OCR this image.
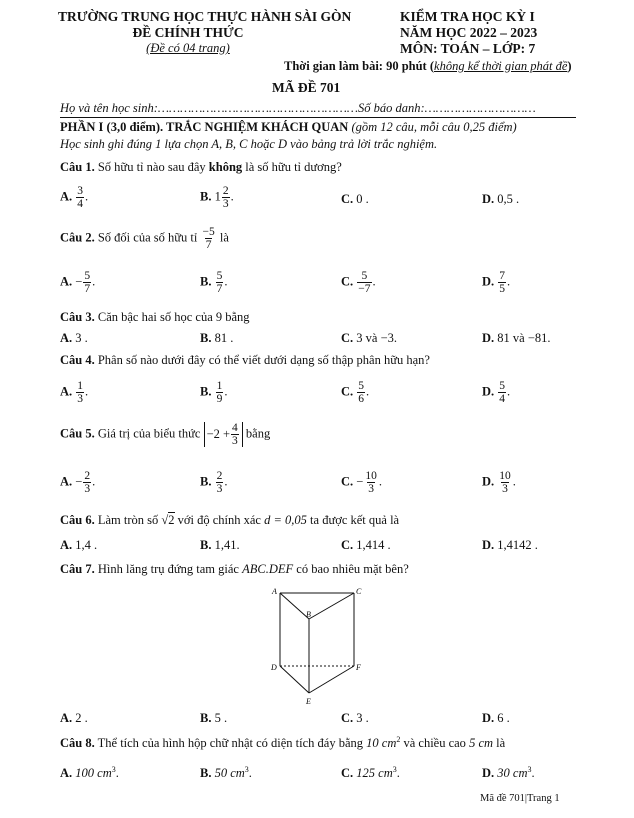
TRƯỜNG TRUNG HỌC THỰC HÀNH SÀI GÒN
ĐỀ CHÍNH THỨC
(Đề có 04 trang)
KIỂM TRA HỌC KỲ I
NĂM HỌC 2022 – 2023
MÔN: TOÁN – LỚP: 7
Thời gian làm bài: 90 phút (không kể thời gian phát đề)
MÃ ĐỀ 701
Họ và tên học sinh:………………………………………………Số báo danh:…………………………
PHẦN I (3,0 điểm). TRẮC NGHIỆM KHÁCH QUAN (gồm 12 câu, mỗi câu 0,25 điểm)
Học sinh ghi đúng 1 lựa chọn A, B, C hoặc D vào bảng trả lời trắc nghiệm.
Câu 1. Số hữu tỉ nào sau đây không là số hữu tỉ dương?
A. $\frac{3}{4}$ .	B. $1 \frac{2}{3}$ .	C. 0 .	D. 0,5 .
Câu 2. Số đối của số hữu tỉ $\frac{-5}{7}$ là
A. − $\frac{5}{7}$ .	B. $\frac{5}{7}$ .	C. $\frac{5}{-7}$ .	D. $\frac{7}{5}$ .
Câu 3. Căn bậc hai số học của 9 bằng
A. 3 .	B. 81 .	C. 3 và −3.	D. 81 và −81.
Câu 4. Phân số nào dưới đây có thể viết dưới dạng số thập phân hữu hạn?
A. $\frac{1}{3}$ .	B. $\frac{1}{9}$ .	C. $\frac{5}{6}$ .	D. $\frac{5}{4}$ .
Câu 5. Giá trị của biểu thức $-2 + \frac{4}{3}$ bằng
A. − $\frac{2}{3}$ .	B. $\frac{2}{3}$ .	C. − $\frac{10}{3}$ .	D. $\frac{10}{3}$ .
Câu 6. Làm tròn số √2 với độ chính xác d = 0,05 ta được kết quả là
A. 1,4 .	B. 1,41.	C. 1,414 .	D. 1,4142 .
Câu 7. Hình lăng trụ đứng tam giác ABC.DEF có bao nhiêu mặt bên?
A	C
B
D	F
E
A. 2 .	B. 5 .	C. 3 .	D. 6 .
Câu 8. Thể tích của hình hộp chữ nhật có diện tích đáy bằng 10 $cm^2$ và chiều cao 5 cm là
A. 100 $cm^3$.	B. 50 $cm^3$.	C. 125 $cm^3$.	D. 30 $cm^3$.
Mã đề 701|Trang 1
